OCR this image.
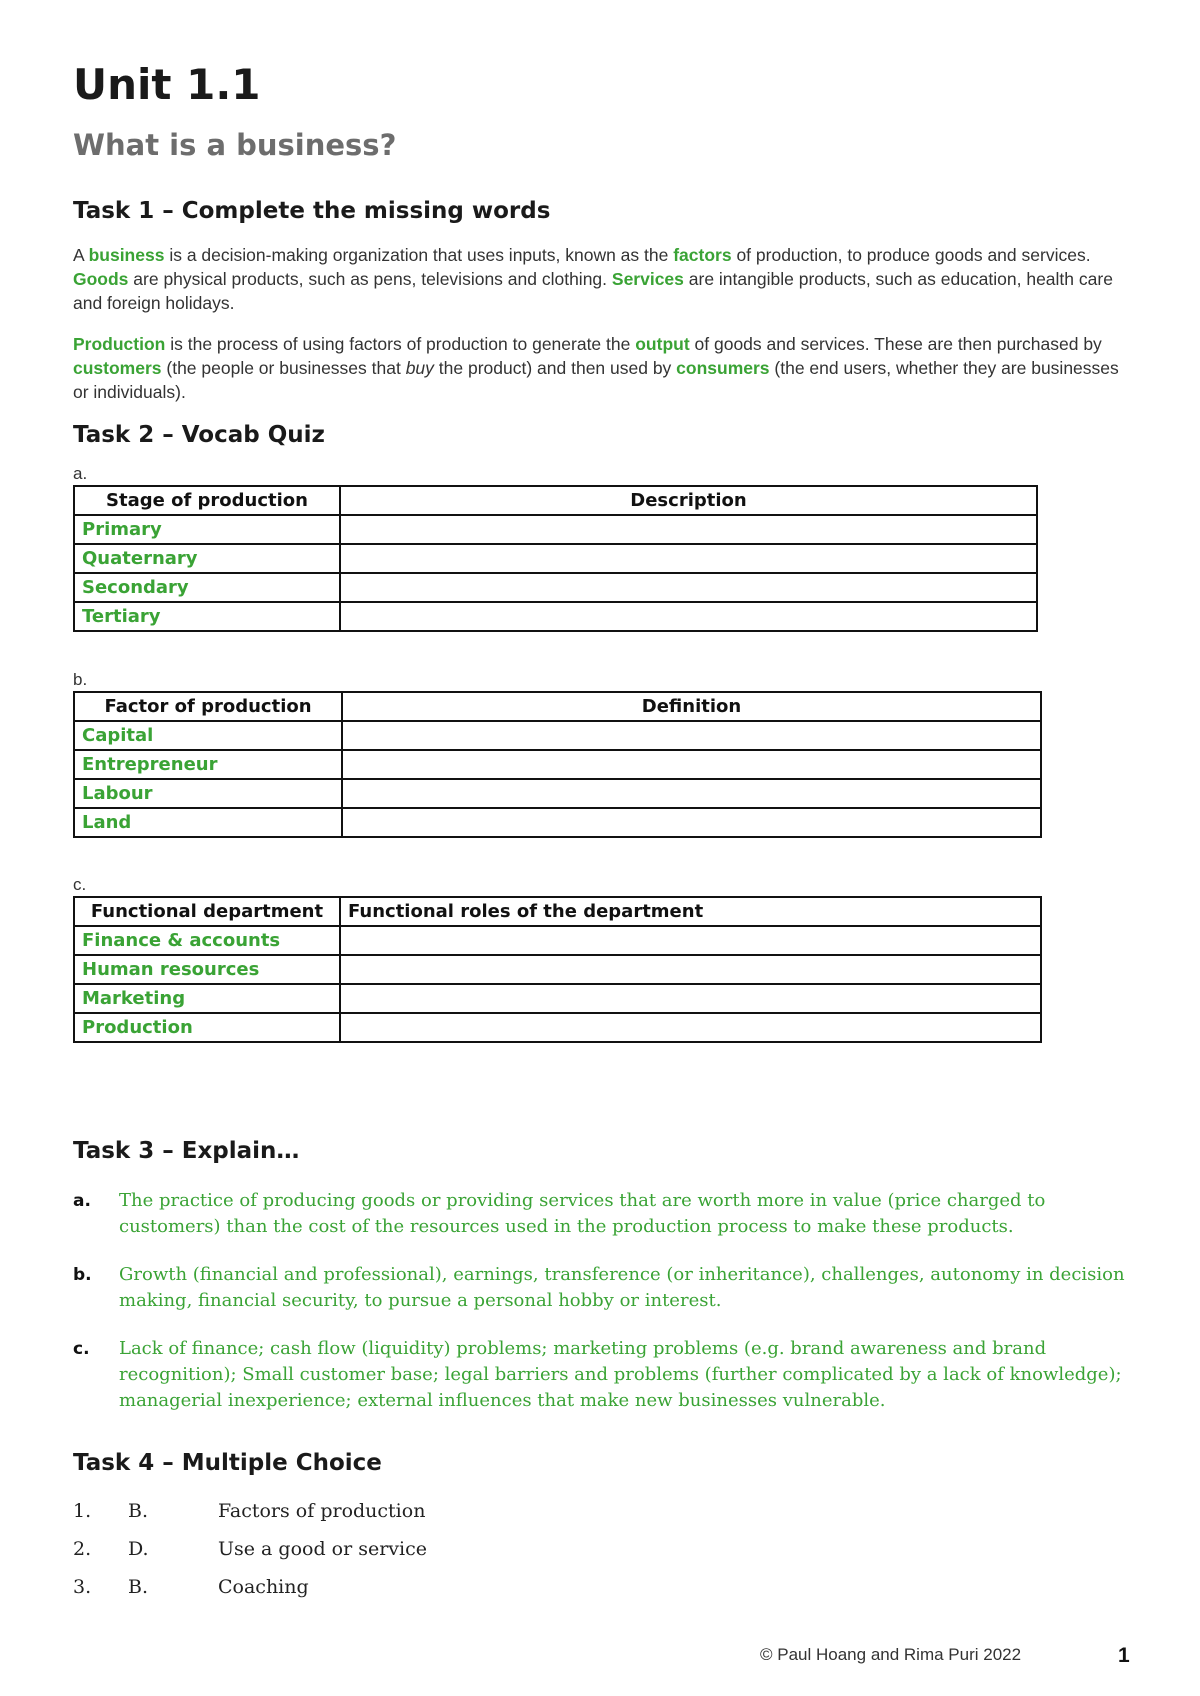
Unit 1.1
What is a business?
Task 1 – Complete the missing words

A business is a decision-making organization that uses inputs, known as the factors of production, to produce goods and services. Goods are physical products, such as pens, televisions and clothing. Services are intangible products, such as education, health care and foreign holidays.

Production is the process of using factors of production to generate the output of goods and services. These are then purchased by customers (the people or businesses that buy the product) and then used by consumers (the end users, whether they are businesses or individuals).

Task 2 – Vocab Quiz
a.
Stage of production	Description
Primary	
Quaternary	
Secondary	
Tertiary	
b.
Factor of production	Definition
Capital	
Entrepreneur	
Labour	
Land	
c.
Functional department	Functional roles of the department
Finance & accounts	
Human resources	
Marketing	
Production	
Task 3 – Explain…
a. The practice of producing goods or providing services that are worth more in value (price charged to customers) than the cost of the resources used in the production process to make these products.
b. Growth (financial and professional), earnings, transference (or inheritance), challenges, autonomy in decision making, financial security, to pursue a personal hobby or interest.
c. Lack of finance; cash flow (liquidity) problems; marketing problems (e.g. brand awareness and brand recognition); Small customer base; legal barriers and problems (further complicated by a lack of knowledge); managerial inexperience; external influences that make new businesses vulnerable.
Task 4 – Multiple Choice
1. B.	Factors of production
2. D.	Use a good or service
3. B.	Coaching
© Paul Hoang and Rima Puri 2022	1
